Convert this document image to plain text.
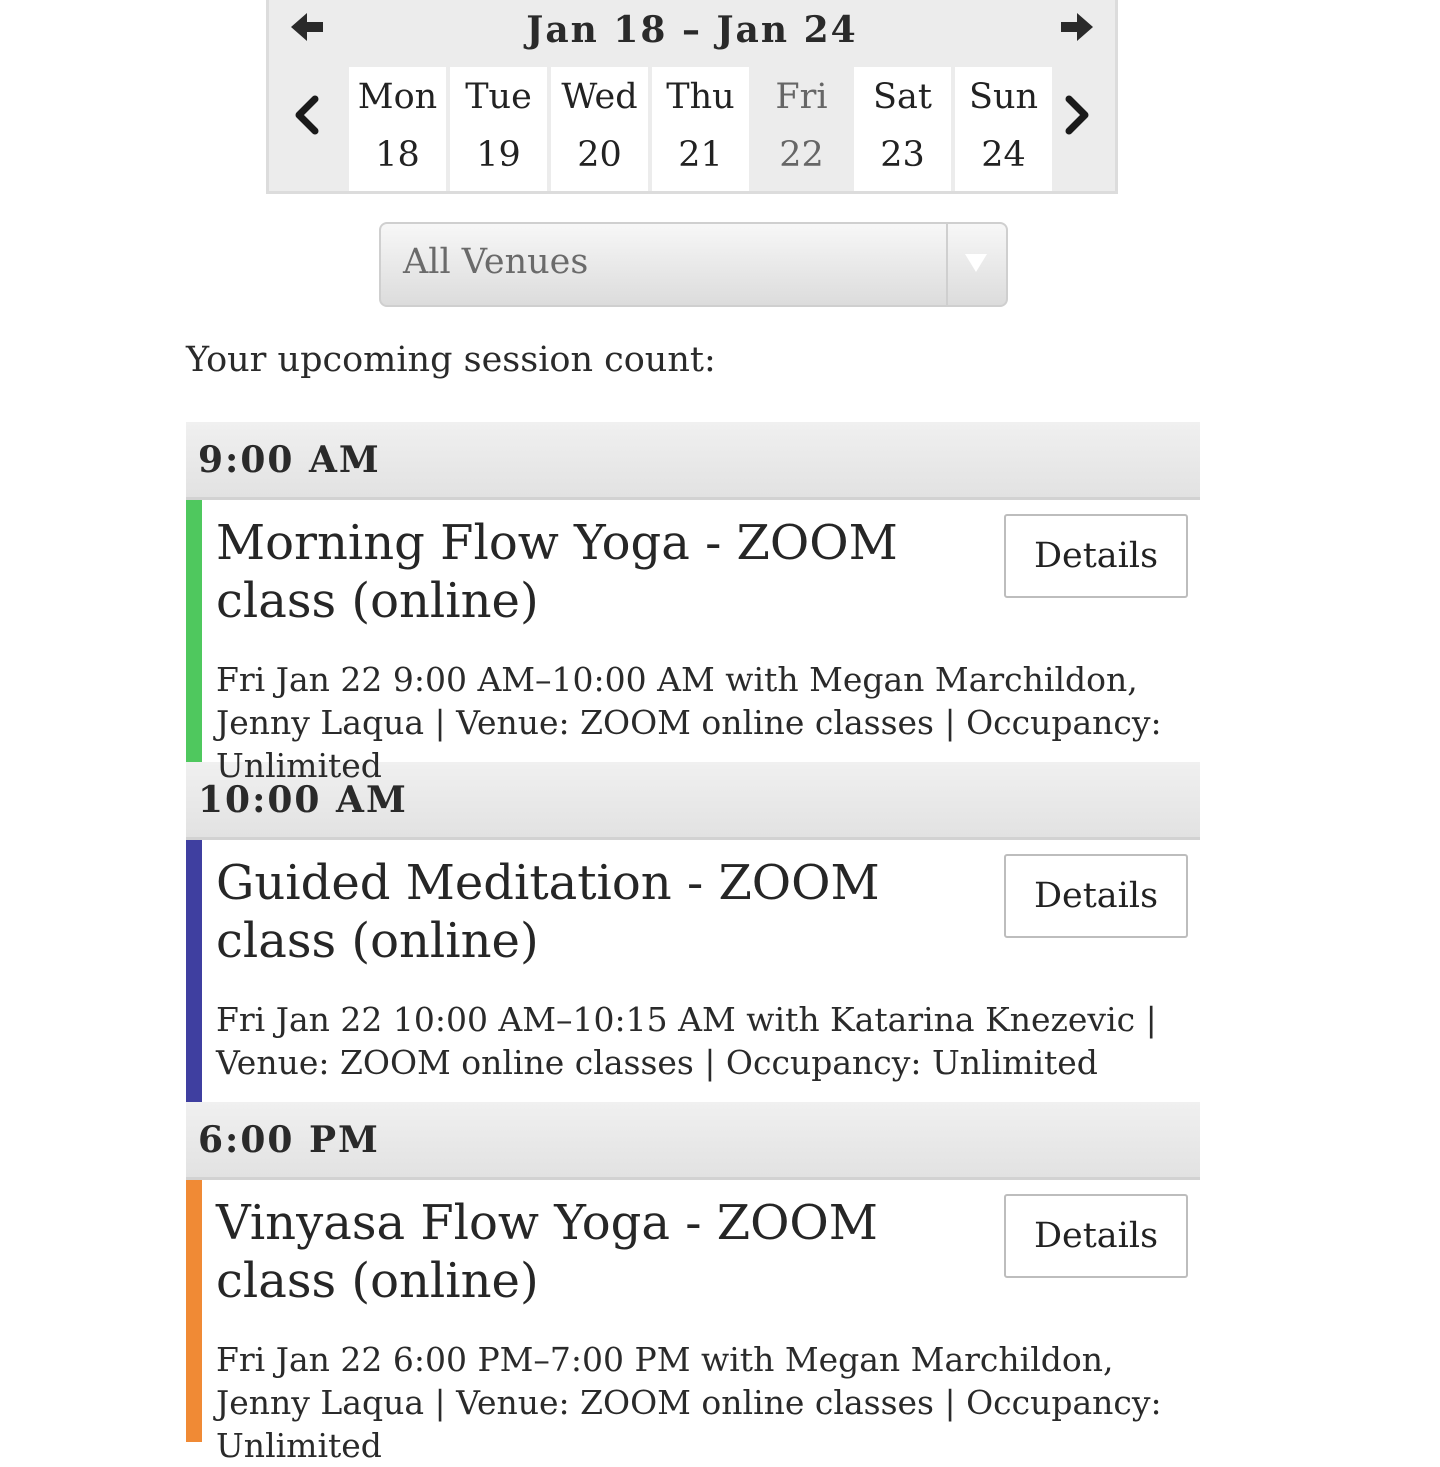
Jan 18 – Jan 24
Mon
18
Tue
19
Wed
20
Thu
21
Fri
22
Sat
23
Sun
24
All Venues
Your upcoming session count:
9:00 AM
Morning Flow Yoga - ZOOM class (online)
Details
Fri Jan 22 9:00 AM–10:00 AM with Megan Marchildon, Jenny Laqua | Venue: ZOOM online classes | Occupancy: Unlimited
10:00 AM
Guided Meditation - ZOOM class (online)
Details
Fri Jan 22 10:00 AM–10:15 AM with Katarina Knezevic | Venue: ZOOM online classes | Occupancy: Unlimited
6:00 PM
Vinyasa Flow Yoga - ZOOM class (online)
Details
Fri Jan 22 6:00 PM–7:00 PM with Megan Marchildon, Jenny Laqua | Venue: ZOOM online classes | Occupancy: Unlimited
